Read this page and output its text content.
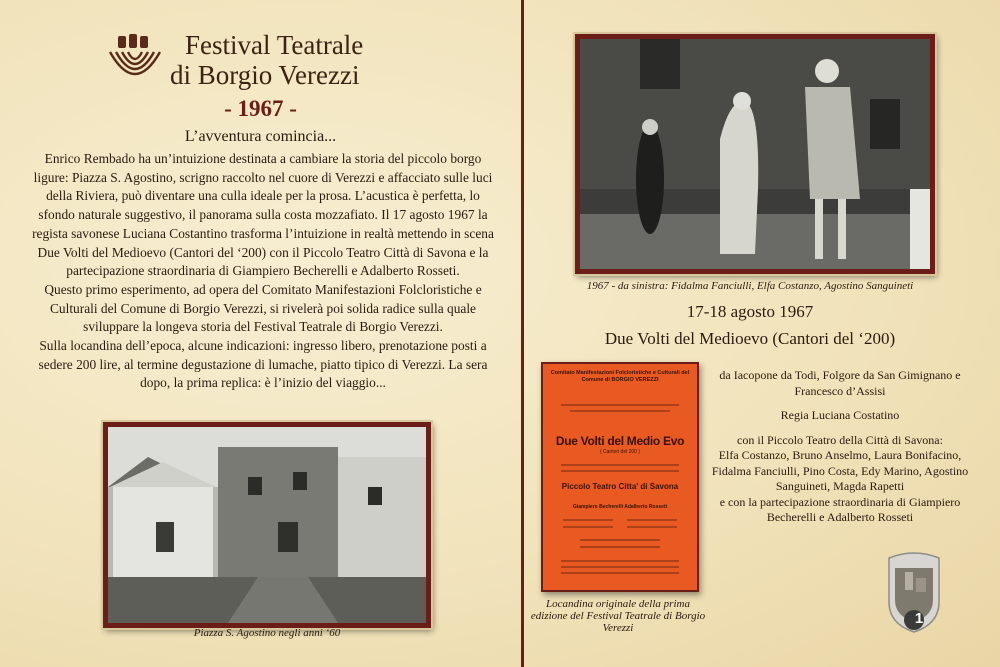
Festival Teatrale
di Borgio Verezzi
- 1967 -
L’avventura comincia...

Enrico Rembado ha un’intuizione destinata a cambiare la storia del piccolo borgo ligure: Piazza S. Agostino, scrigno raccolto nel cuore di Verezzi e affacciato sulle luci della Riviera, può diventare una culla ideale per la prosa. L’acustica è perfetta, lo sfondo naturale suggestivo, il panorama sulla costa mozzafiato. Il 17 agosto 1967 la regista savonese Luciana Costantino trasforma l’intuizione in realtà mettendo in scena Due Volti del Medioevo (Cantori del ‘200) con il Piccolo Teatro Città di Savona e la partecipazione straordinaria di Giampiero Becherelli e Adalberto Rosseti.

Questo primo esperimento, ad opera del Comitato Manifestazioni Folcloristiche e Culturali del Comune di Borgio Verezzi, si rivelerà poi solida radice sulla quale sviluppare la longeva storia del Festival Teatrale di Borgio Verezzi.

Sulla locandina dell’epoca, alcune indicazioni: ingresso libero, prenotazione posti a sedere 200 lire, al termine degustazione di lumache, piatto tipico di Verezzi. La sera dopo, la prima replica: è l’inizio del viaggio...

Piazza S. Agostino negli anni ‘60
1967 - da sinistra: Fidalma Fanciulli, Elfa Costanzo, Agostino Sanguineti
17-18 agosto 1967
Due Volti del Medioevo (Cantori del ‘200)
Comitato Manifestazioni Folcloristiche e Culturali del Comune di BORGIO VEREZZI
Due Volti del Medio Evo
( Cantori del 200 )
Piccolo Teatro Citta' di Savona
Giampiero Becherelli Adalberto Rosseti
Locandina originale della prima edizione del Festival Teatrale di Borgio Verezzi

da Iacopone da Todi, Folgore da San Gimignano e Francesco d’Assisi

Regia Luciana Costatino

con il Piccolo Teatro della Città di Savona:

Elfa Costanzo, Bruno Anselmo, Laura Bonifacino, Fidalma Fanciulli, Pino Costa, Edy Marino, Agostino Sanguineti, Magda Rapetti

e con la partecipazione straordinaria di Giampiero Becherelli e Adalberto Rosseti

1
